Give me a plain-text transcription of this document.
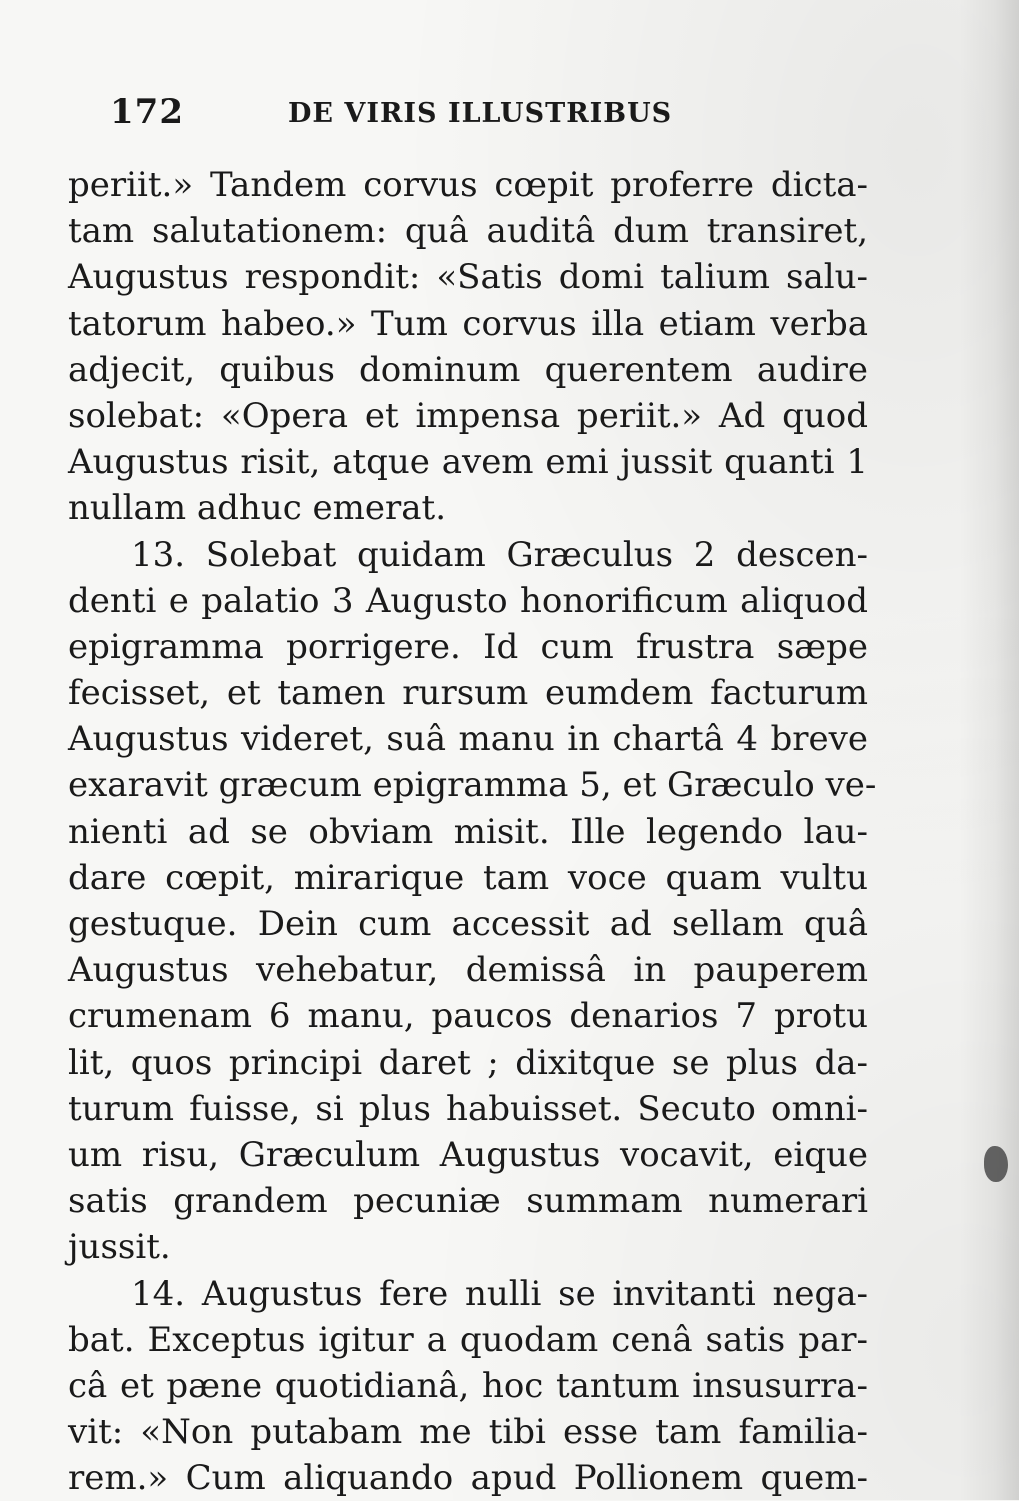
172	DE VIRIS ILLUSTRIBUS
periit.» Tandem corvus cœpit proferre dicta-
tam salutationem: quâ auditâ dum transiret,
Augustus respondit: «Satis domi talium salu-
tatorum habeo.» Tum corvus illa etiam verba
adjecit, quibus dominum querentem audire
solebat: «Opera et impensa periit.» Ad quod
Augustus risit, atque avem emi jussit quanti 1
nullam adhuc emerat.
13. Solebat quidam Græculus 2 descen-
denti e palatio 3 Augusto honorificum aliquod
epigramma porrigere. Id cum frustra sæpe
fecisset, et tamen rursum eumdem facturum
Augustus videret, suâ manu in chartâ 4 breve
exaravit græcum epigramma 5, et Græculo ve-
nienti ad se obviam misit. Ille legendo lau-
dare cœpit, mirarique tam voce quam vultu
gestuque. Dein cum accessit ad sellam quâ
Augustus vehebatur, demissâ in pauperem
crumenam 6 manu, paucos denarios 7 protu
lit, quos principi daret ; dixitque se plus da-
turum fuisse, si plus habuisset. Secuto omni-
um risu, Græculum Augustus vocavit, eique
satis grandem pecuniæ summam numerari
jussit.
14. Augustus fere nulli se invitanti nega-
bat. Exceptus igitur a quodam cenâ satis par-
câ et pæne quotidianâ, hoc tantum insusurra-
vit: «Non putabam me tibi esse tam familia-
rem.» Cum aliquando apud Pollionem quem-
